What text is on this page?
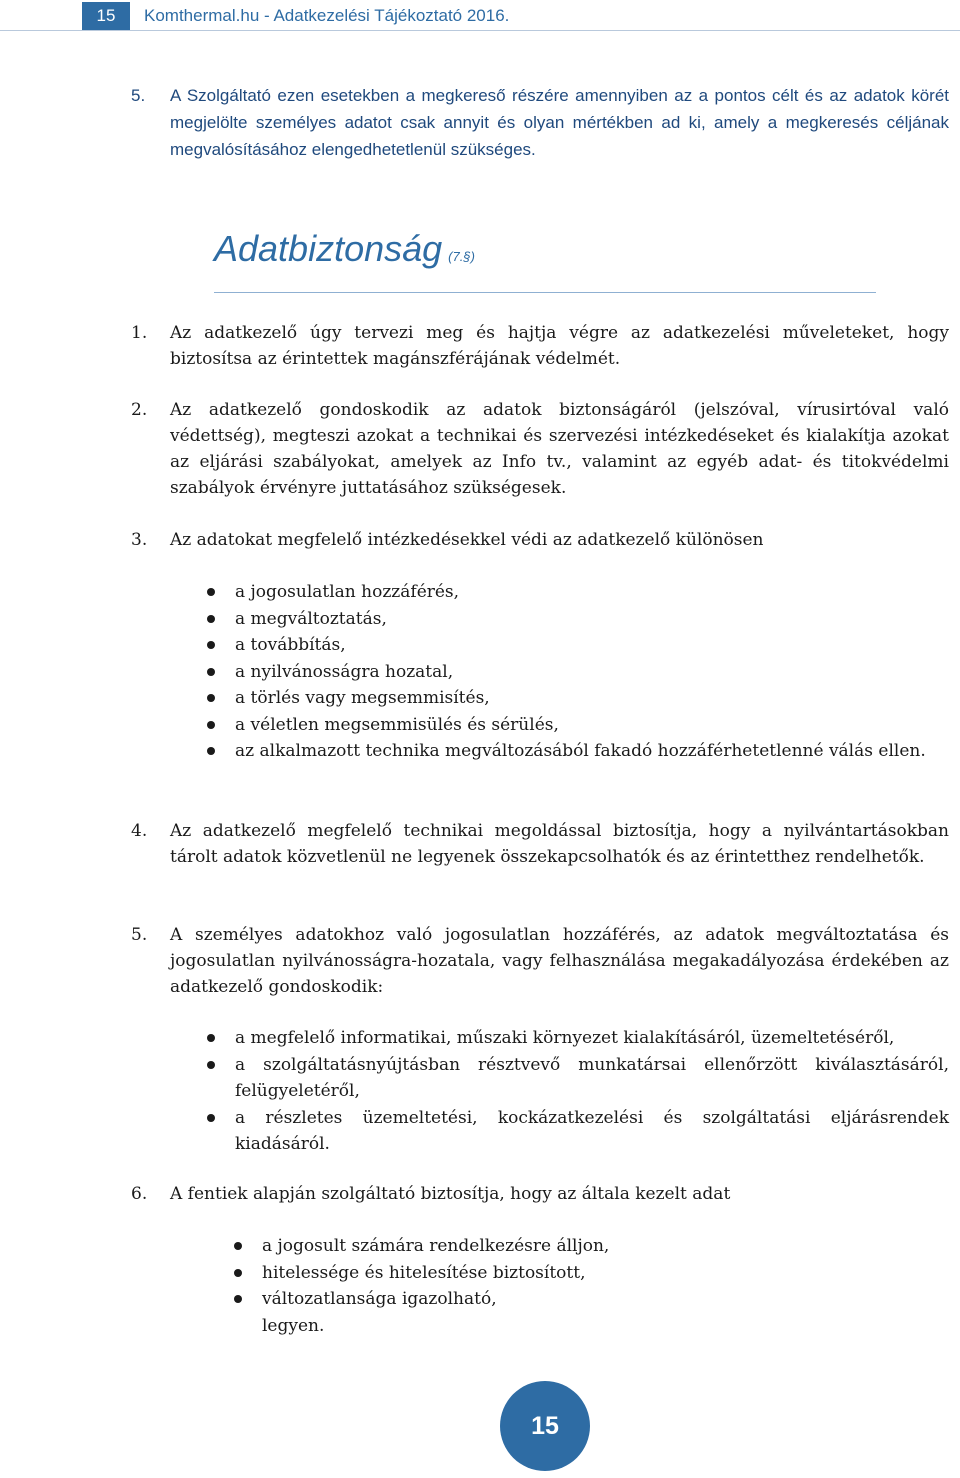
15	Komthermal.hu - Adatkezelési Tájékoztató 2016.
5.	A Szolgáltató ezen esetekben a megkereső részére amennyiben az a pontos célt és az adatok körét megjelölte személyes adatot csak annyit és olyan mértékben ad ki, amely a megkeresés céljának megvalósításához elengedhetetlenül szükséges.
Adatbiztonság (7.§)
1.	Az adatkezelő úgy tervezi meg és hajtja végre az adatkezelési műveleteket, hogy biztosítsa az érintettek magánszférájának védelmét.
2.	Az adatkezelő gondoskodik az adatok biztonságáról (jelszóval, vírusirtóval való védettség), megteszi azokat a technikai és szervezési intézkedéseket és kialakítja azokat az eljárási szabályokat, amelyek az Info tv., valamint az egyéb adat- és titokvédelmi szabályok érvényre juttatásához szükségesek.
3.	Az adatokat megfelelő intézkedésekkel védi az adatkezelő különösen
a jogosulatlan hozzáférés,
a megváltoztatás,
a továbbítás,
a nyilvánosságra hozatal,
a törlés vagy megsemmisítés,
a véletlen megsemmisülés és sérülés,
az alkalmazott technika megváltozásából fakadó hozzáférhetetlenné válás ellen.
4.	Az adatkezelő megfelelő technikai megoldással biztosítja, hogy a nyilvántartásokban tárolt adatok közvetlenül ne legyenek összekapcsolhatók és az érintetthez rendelhetők.
5.	A személyes adatokhoz való jogosulatlan hozzáférés, az adatok megváltoztatása és jogosulatlan nyilvánosságra-hozatala, vagy felhasználása megakadályozása érdekében az adatkezelő gondoskodik:
a megfelelő informatikai, műszaki környezet kialakításáról, üzemeltetéséről,
a szolgáltatásnyújtásban résztvevő munkatársai ellenőrzött kiválasztásáról, felügyeletéről,
a részletes üzemeltetési, kockázatkezelési és szolgáltatási eljárásrendek kiadásáról.
6.	A fentiek alapján szolgáltató biztosítja, hogy az általa kezelt adat
a jogosult számára rendelkezésre álljon,
hitelessége és hitelesítése biztosított,
változatlansága igazolható,
legyen.
15
